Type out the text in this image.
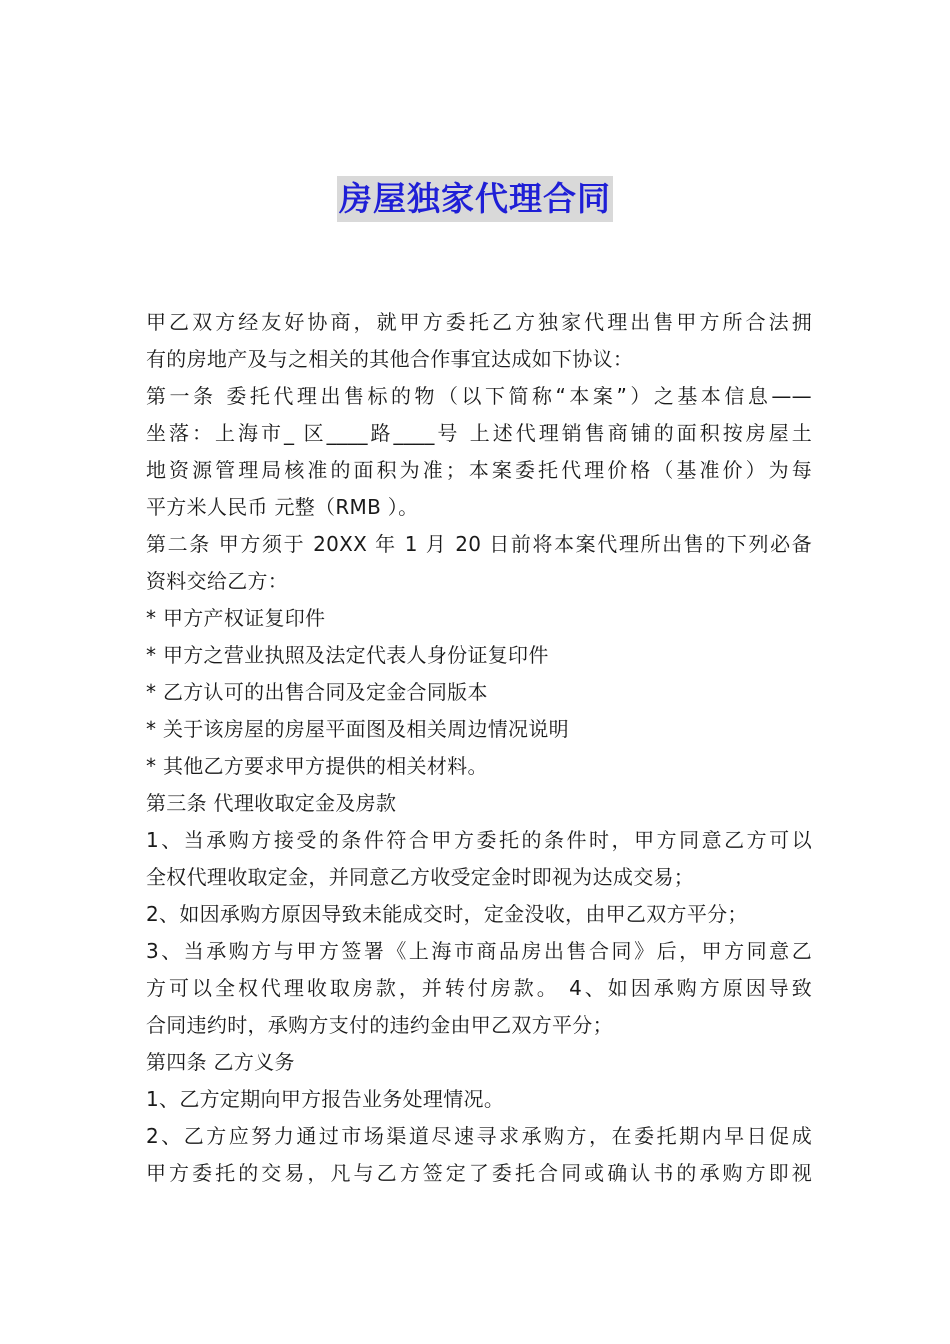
房屋独家代理合同
甲乙双方经友好协商，就甲方委托乙方独家代理出售甲方所合法拥
有的房地产及与之相关的其他合作事宜达成如下协议：
第一条 委托代理出售标的物（以下简称“本案”）之基本信息——
坐落：上海市_ 区____路____号 上述代理销售商铺的面积按房屋土
地资源管理局核准的面积为准；本案委托代理价格（基准价）为每
平方米人民币 元整（RMB ）。
第二条 甲方须于 20XX 年 1 月 20 日前将本案代理所出售的下列必备
资料交给乙方：
* 甲方产权证复印件
* 甲方之营业执照及法定代表人身份证复印件
* 乙方认可的出售合同及定金合同版本
* 关于该房屋的房屋平面图及相关周边情况说明
* 其他乙方要求甲方提供的相关材料。
第三条 代理收取定金及房款
1、当承购方接受的条件符合甲方委托的条件时，甲方同意乙方可以
全权代理收取定金，并同意乙方收受定金时即视为达成交易；
2、如因承购方原因导致未能成交时，定金没收，由甲乙双方平分；
3、当承购方与甲方签署《上海市商品房出售合同》后，甲方同意乙
方可以全权代理收取房款，并转付房款。 4、如因承购方原因导致
合同违约时，承购方支付的违约金由甲乙双方平分；
第四条 乙方义务
1、乙方定期向甲方报告业务处理情况。
2、乙方应努力通过市场渠道尽速寻求承购方，在委托期内早日促成
甲方委托的交易，凡与乙方签定了委托合同或确认书的承购方即视
